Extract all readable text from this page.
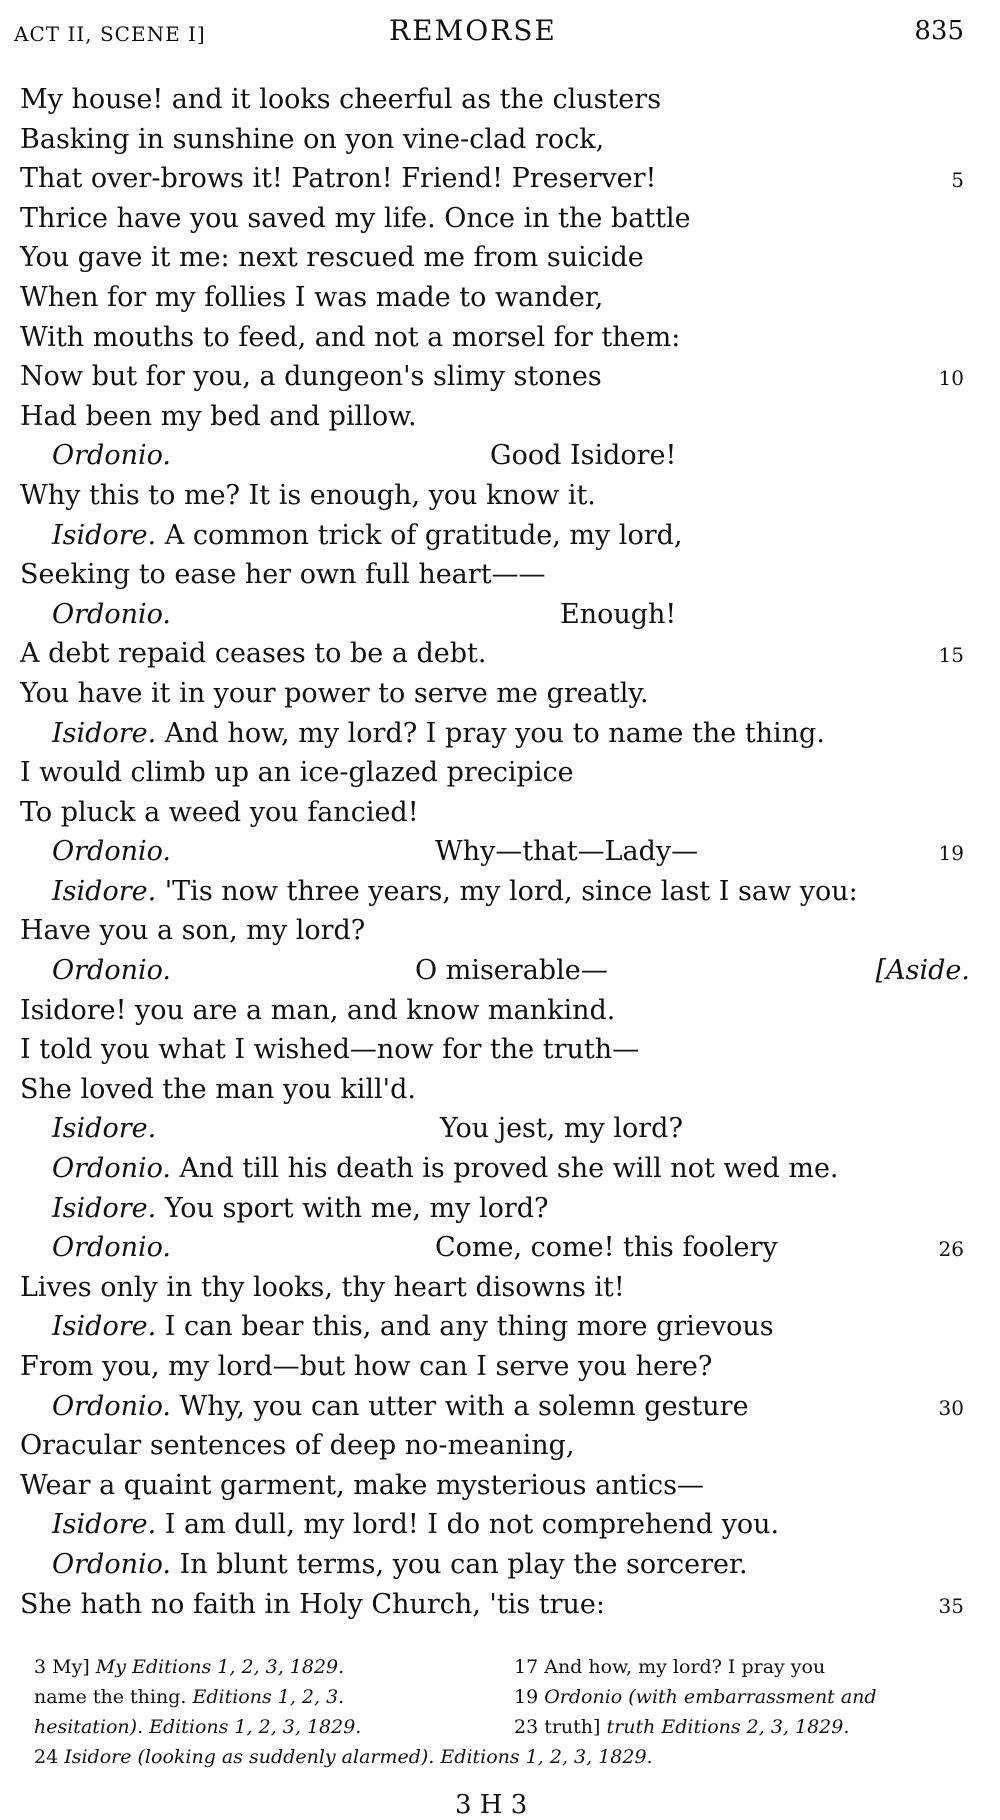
ACT II, SCENE I]	REMORSE	835
My house! and it looks cheerful as the clusters
Basking in sunshine on yon vine-clad rock,
That over-brows it! Patron! Friend! Preserver!	5
Thrice have you saved my life. Once in the battle
You gave it me: next rescued me from suicide
When for my follies I was made to wander,
With mouths to feed, and not a morsel for them:
Now but for you, a dungeon's slimy stones	10
Had been my bed and pillow.
Ordonio.	Good Isidore!
Why this to me? It is enough, you know it.
Isidore. A common trick of gratitude, my lord,
Seeking to ease her own full heart——
Ordonio.	Enough!
A debt repaid ceases to be a debt.	15
You have it in your power to serve me greatly.
Isidore. And how, my lord? I pray you to name the thing.
I would climb up an ice-glazed precipice
To pluck a weed you fancied!
Ordonio.	Why—that—Lady—	19
Isidore. 'Tis now three years, my lord, since last I saw you:
Have you a son, my lord?
Ordonio.	O miserable—	[Aside.
Isidore! you are a man, and know mankind.
I told you what I wished—now for the truth—
She loved the man you kill'd.
Isidore.	You jest, my lord?
Ordonio. And till his death is proved she will not wed me.
Isidore. You sport with me, my lord?
Ordonio.	Come, come! this foolery	26
Lives only in thy looks, thy heart disowns it!
Isidore. I can bear this, and any thing more grievous
From you, my lord—but how can I serve you here?
Ordonio. Why, you can utter with a solemn gesture	30
Oracular sentences of deep no-meaning,
Wear a quaint garment, make mysterious antics—
Isidore. I am dull, my lord! I do not comprehend you.
Ordonio. In blunt terms, you can play the sorcerer.
She hath no faith in Holy Church, 'tis true:	35
3 My] My Editions 1, 2, 3, 1829.	17 And how, my lord? I pray you
name the thing. Editions 1, 2, 3.	19 Ordonio (with embarrassment and
hesitation). Editions 1, 2, 3, 1829.	23 truth] truth Editions 2, 3, 1829.
24 Isidore (looking as suddenly alarmed). Editions 1, 2, 3, 1829.
3 H 3
